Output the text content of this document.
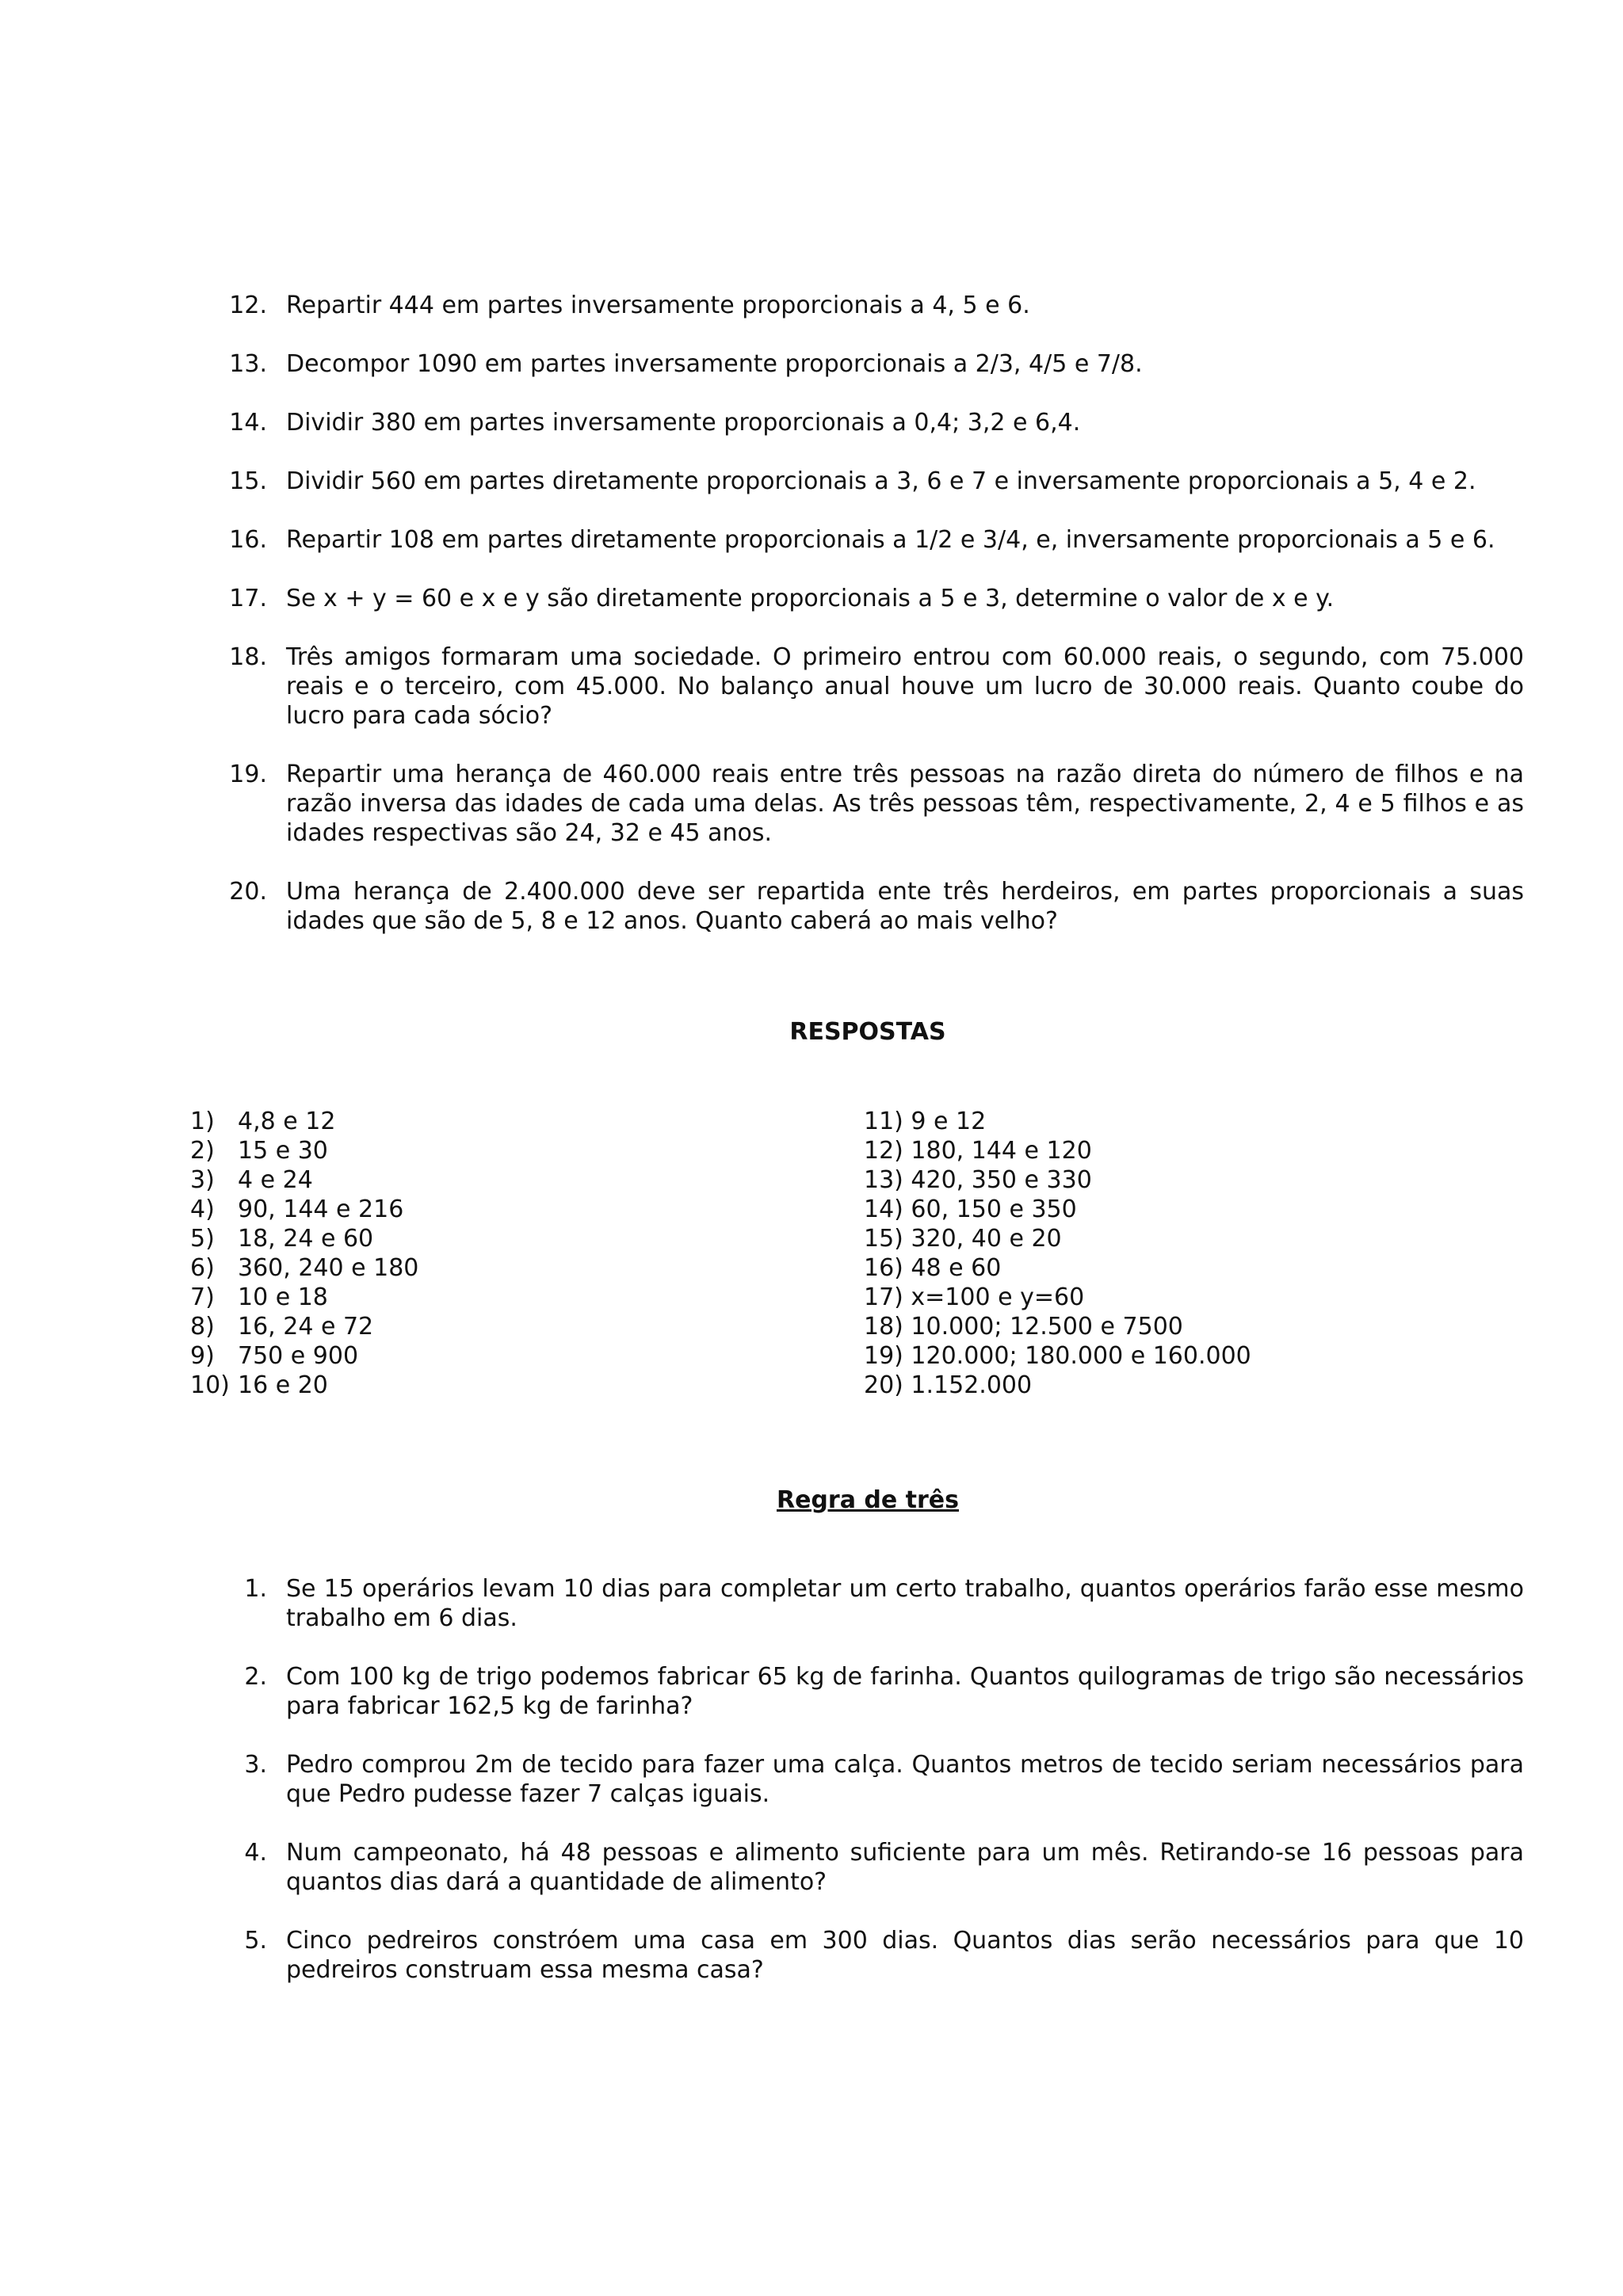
12. Repartir 444 em partes inversamente proporcionais a 4, 5 e 6.
13. Decompor 1090 em partes inversamente proporcionais a 2/3, 4/5 e 7/8.
14. Dividir 380 em partes inversamente proporcionais a 0,4; 3,2 e 6,4.
15. Dividir 560 em partes diretamente proporcionais a 3, 6 e 7 e inversamente proporcionais a 5, 4 e 2.
16. Repartir 108 em partes diretamente proporcionais a 1/2 e 3/4, e, inversamente proporcionais a 5 e 6.
17. Se x + y = 60 e x e y são diretamente proporcionais a 5 e 3, determine o valor de x e y.
18. Três amigos formaram uma sociedade. O primeiro entrou com 60.000 reais, o segundo, com 75.000 reais e o terceiro, com 45.000. No balanço anual houve um lucro de 30.000 reais. Quanto coube do lucro para cada sócio?
19. Repartir uma herança de 460.000 reais entre três pessoas na razão direta do número de filhos e na razão inversa das idades de cada uma delas. As três pessoas têm, respectivamente, 2, 4 e 5 filhos e as idades respectivas são 24, 32 e 45 anos.
20. Uma herança de 2.400.000 deve ser repartida ente três herdeiros, em partes proporcionais a suas idades que são de 5, 8 e 12 anos. Quanto caberá ao mais velho?
RESPOSTAS
1) 4,8 e 12
2) 15 e 30
3) 4 e 24
4) 90, 144 e 216
5) 18, 24 e 60
6) 360, 240 e 180
7) 10 e 18
8) 16, 24 e 72
9) 750 e 900
10) 16 e 20
11) 9 e 12
12) 180, 144 e 120
13) 420, 350 e 330
14) 60, 150 e 350
15) 320, 40 e 20
16) 48 e 60
17) x=100 e y=60
18) 10.000; 12.500 e 7500
19) 120.000; 180.000 e 160.000
20) 1.152.000
Regra de três
1. Se 15 operários levam 10 dias para completar um certo trabalho, quantos operários farão esse mesmo trabalho em 6 dias.
2. Com 100 kg de trigo podemos fabricar 65 kg de farinha. Quantos quilogramas de trigo são necessários para fabricar 162,5 kg de farinha?
3. Pedro comprou 2m de tecido para fazer uma calça. Quantos metros de tecido seriam necessários para que Pedro pudesse fazer 7 calças iguais.
4. Num campeonato, há 48 pessoas e alimento suficiente para um mês. Retirando-se 16 pessoas para quantos dias dará a quantidade de alimento?
5. Cinco pedreiros constróem uma casa em 300 dias. Quantos dias serão necessários para que 10 pedreiros construam essa mesma casa?
